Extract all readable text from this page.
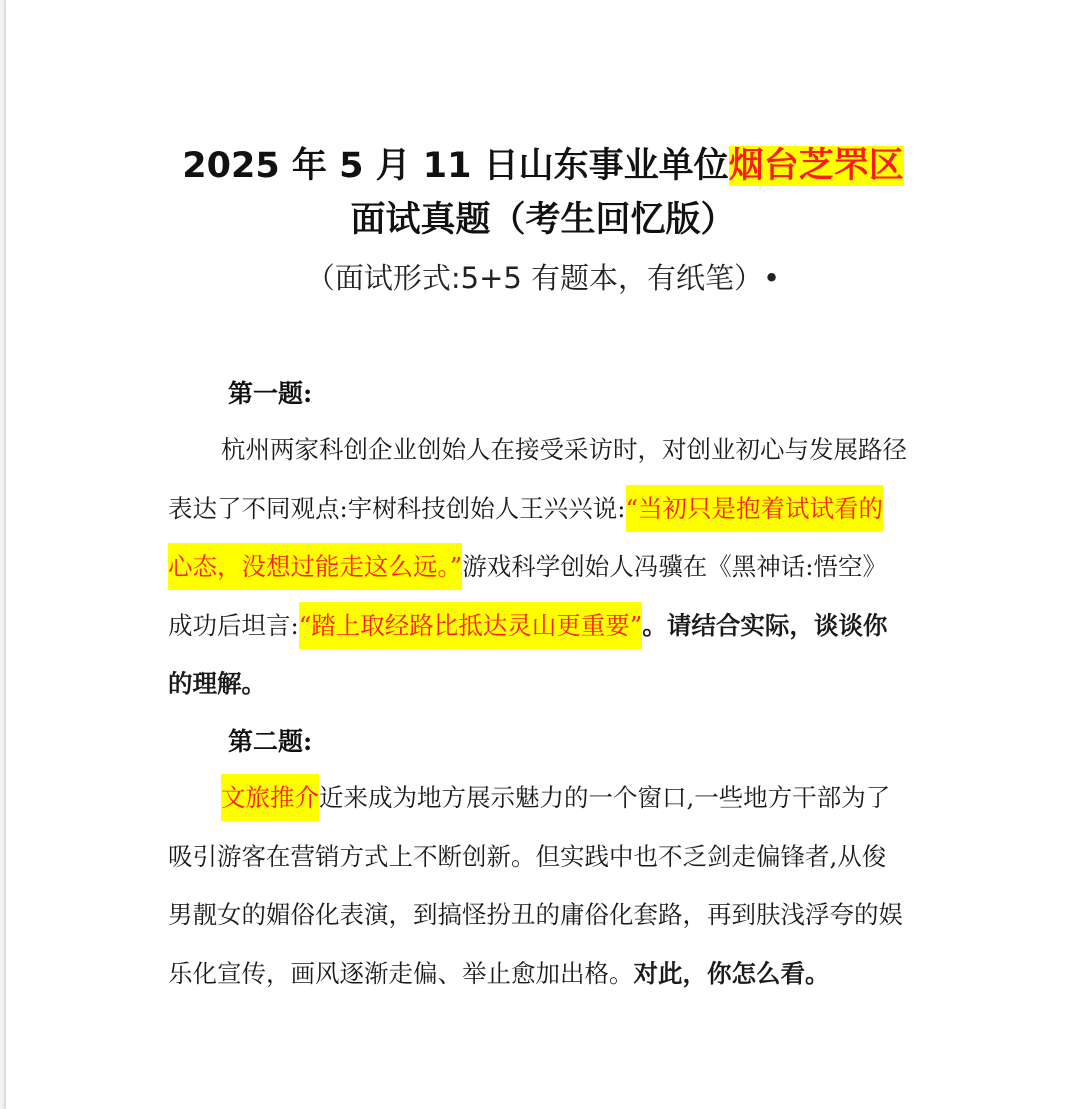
2025 年 5 月 11 日山东事业单位烟台芝罘区
面试真题（考生回忆版）
（面试形式:5+5 有题本，有纸笔）•
第一题:
杭州两家科创企业创始人在接受采访时，对创业初心与发展路径
表达了不同观点:宇树科技创始人王兴兴说:“当初只是抱着试试看的
心态，没想过能走这么远。”游戏科学创始人冯骥在《黑神话:悟空》
成功后坦言:“踏上取经路比抵达灵山更重要”。请结合实际，谈谈你
的理解。
第二题:
文旅推介近来成为地方展示魅力的一个窗口,一些地方干部为了
吸引游客在营销方式上不断创新。但实践中也不乏剑走偏锋者,从俊
男靓女的媚俗化表演，到搞怪扮丑的庸俗化套路，再到肤浅浮夸的娱
乐化宣传，画风逐渐走偏、举止愈加出格。对此，你怎么看。
